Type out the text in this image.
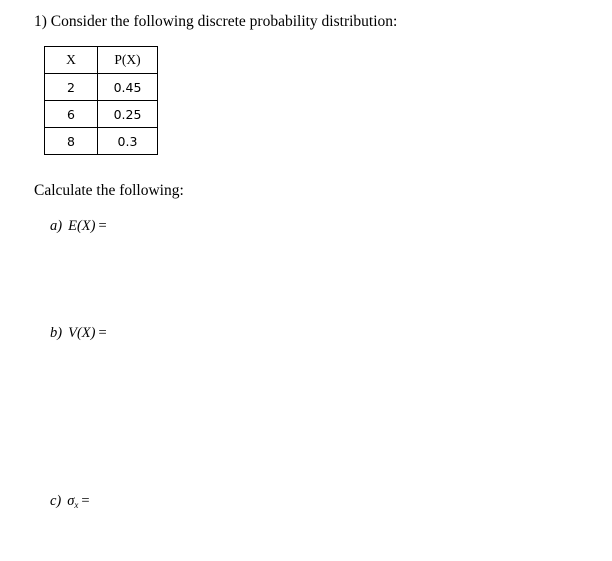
1) Consider the following discrete probability distribution:
X	P(X)
2	0.45
6	0.25
8	0.3
Calculate the following:
a) E(X) =
b) V(X) =
c) $\sigma_x$ =
